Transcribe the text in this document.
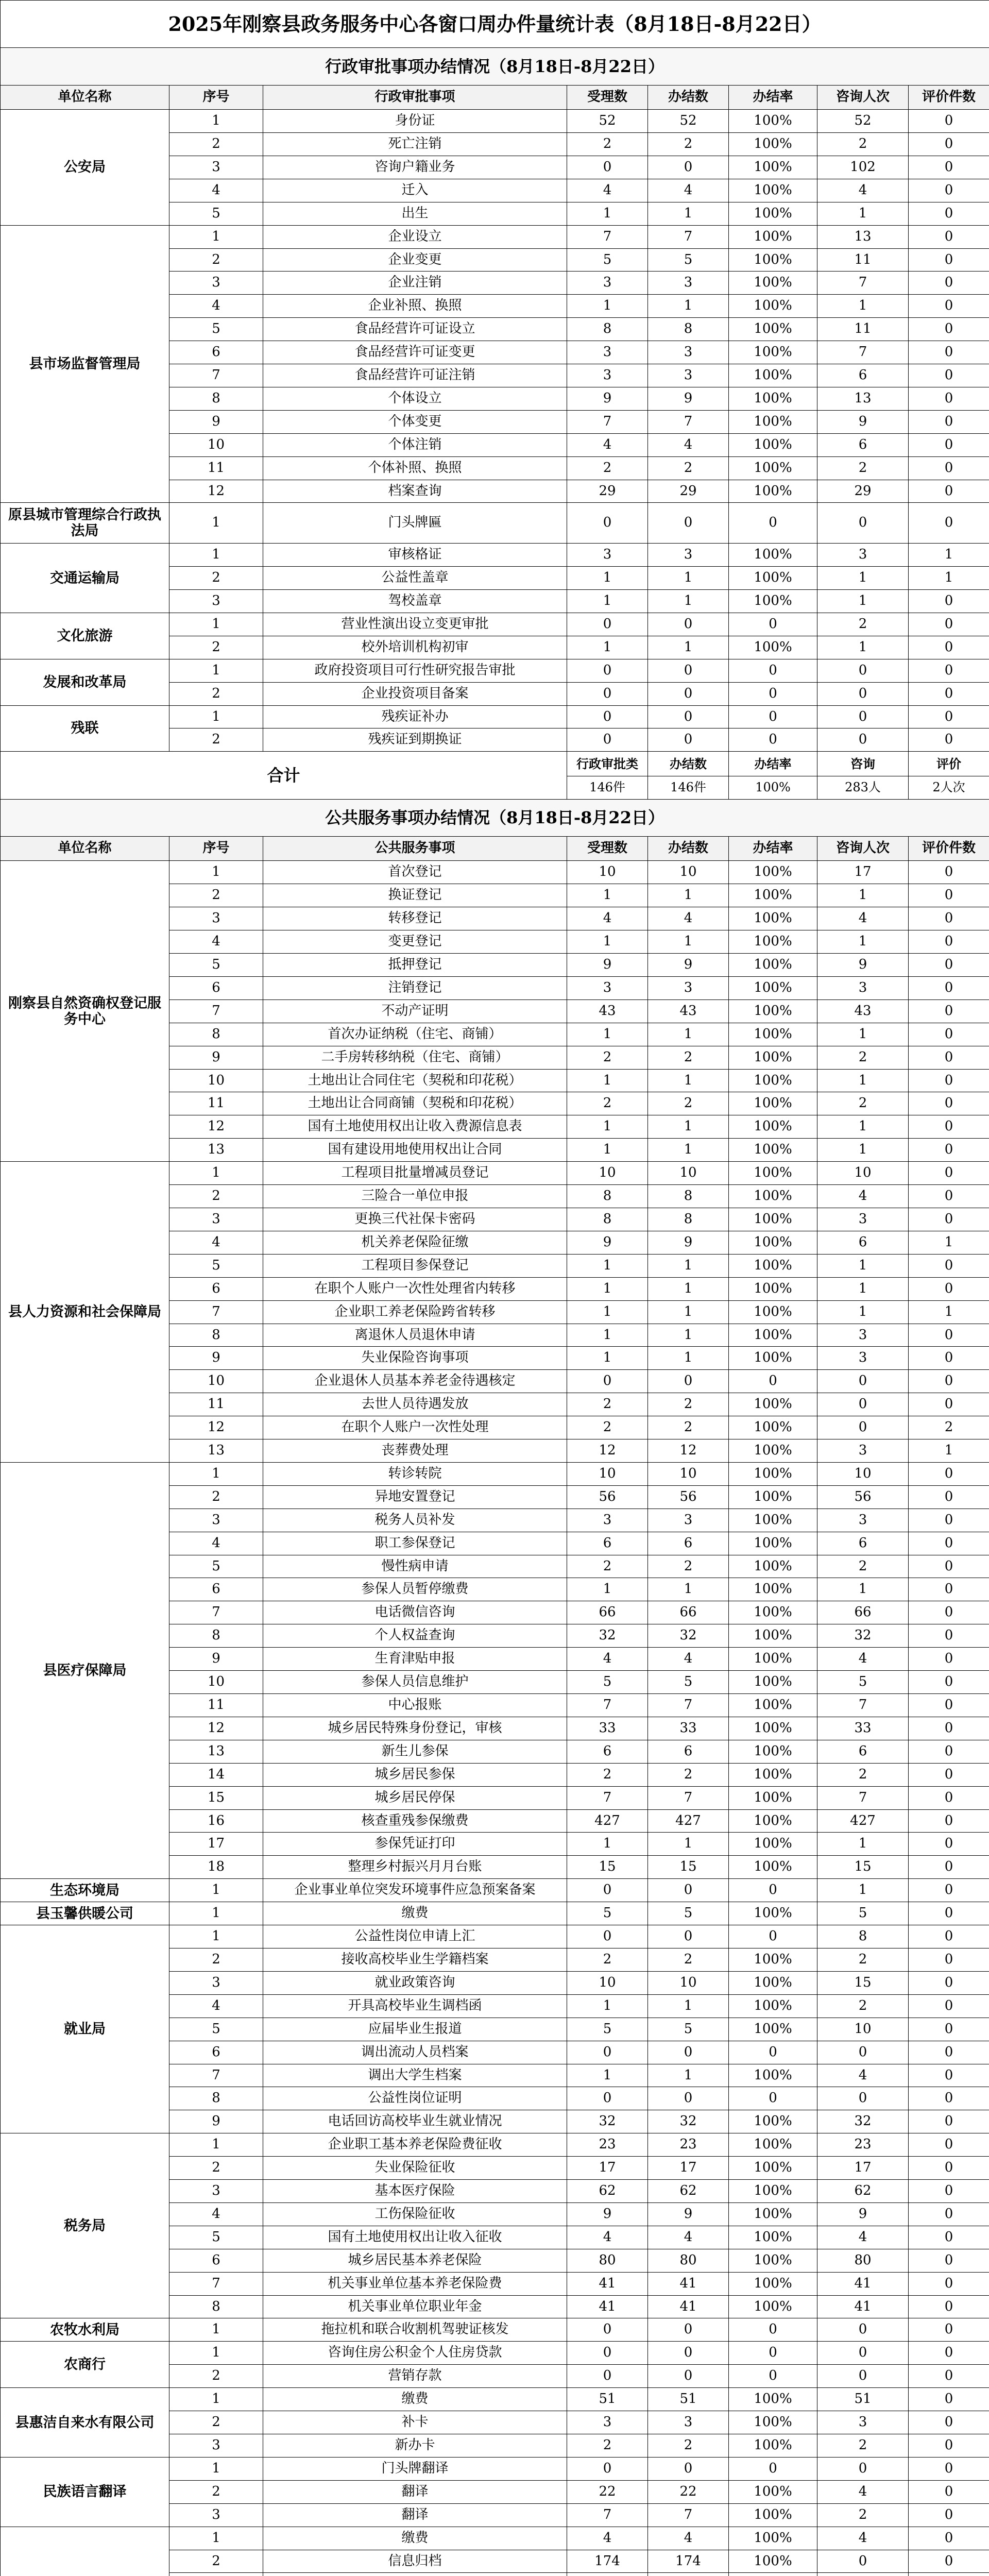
2025年刚察县政务服务中心各窗口周办件量统计表（8月18日-8月22日）							
行政审批事项办结情况（8月18日-8月22日）							
单位名称	序号	行政审批事项	受理数	办结数	办结率	咨询人次	评价件数
公安局	1	身份证	52	52	100%	52	0
	2	死亡注销	2	2	100%	2	0
	3	咨询户籍业务	0	0	100%	102	0
	4	迁入	4	4	100%	4	0
	5	出生	1	1	100%	1	0
县市场监督管理局	1	企业设立	7	7	100%	13	0
	2	企业变更	5	5	100%	11	0
	3	企业注销	3	3	100%	7	0
	4	企业补照、换照	1	1	100%	1	0
	5	食品经营许可证设立	8	8	100%	11	0
	6	食品经营许可证变更	3	3	100%	7	0
	7	食品经营许可证注销	3	3	100%	6	0
	8	个体设立	9	9	100%	13	0
	9	个体变更	7	7	100%	9	0
	10	个体注销	4	4	100%	6	0
	11	个体补照、换照	2	2	100%	2	0
	12	档案查询	29	29	100%	29	0
原县城市管理综合行政执法局	1	门头牌匾	0	0	0	0	0
交通运输局	1	审核格证	3	3	100%	3	1
	2	公益性盖章	1	1	100%	1	1
	3	驾校盖章	1	1	100%	1	0
文化旅游	1	营业性演出设立变更审批	0	0	0	2	0
	2	校外培训机构初审	1	1	100%	1	0
发展和改革局	1	政府投资项目可行性研究报告审批	0	0	0	0	0
	2	企业投资项目备案	0	0	0	0	0
残联	1	残疾证补办	0	0	0	0	0
	2	残疾证到期换证	0	0	0	0	0
合计			行政审批类	办结数	办结率	咨询	评价
			146件	146件	100%	283人	2人次
公共服务事项办结情况（8月18日-8月22日）							
单位名称	序号	公共服务事项	受理数	办结数	办结率	咨询人次	评价件数
刚察县自然资确权登记服务中心	1	首次登记	10	10	100%	17	0
	2	换证登记	1	1	100%	1	0
	3	转移登记	4	4	100%	4	0
	4	变更登记	1	1	100%	1	0
	5	抵押登记	9	9	100%	9	0
	6	注销登记	3	3	100%	3	0
	7	不动产证明	43	43	100%	43	0
	8	首次办证纳税（住宅、商铺）	1	1	100%	1	0
	9	二手房转移纳税（住宅、商铺）	2	2	100%	2	0
	10	土地出让合同住宅（契税和印花税）	1	1	100%	1	0
	11	土地出让合同商铺（契税和印花税）	2	2	100%	2	0
	12	国有土地使用权出让收入费源信息表	1	1	100%	1	0
	13	国有建设用地使用权出让合同	1	1	100%	1	0
县人力资源和社会保障局	1	工程项目批量增减员登记	10	10	100%	10	0
	2	三险合一单位申报	8	8	100%	4	0
	3	更换三代社保卡密码	8	8	100%	3	0
	4	机关养老保险征缴	9	9	100%	6	1
	5	工程项目参保登记	1	1	100%	1	0
	6	在职个人账户一次性处理省内转移	1	1	100%	1	0
	7	企业职工养老保险跨省转移	1	1	100%	1	1
	8	离退休人员退休申请	1	1	100%	3	0
	9	失业保险咨询事项	1	1	100%	3	0
	10	企业退休人员基本养老金待遇核定	0	0	0	0	0
	11	去世人员待遇发放	2	2	100%	0	0
	12	在职个人账户一次性处理	2	2	100%	0	2
	13	丧葬费处理	12	12	100%	3	1
县医疗保障局	1	转诊转院	10	10	100%	10	0
	2	异地安置登记	56	56	100%	56	0
	3	税务人员补发	3	3	100%	3	0
	4	职工参保登记	6	6	100%	6	0
	5	慢性病申请	2	2	100%	2	0
	6	参保人员暂停缴费	1	1	100%	1	0
	7	电话微信咨询	66	66	100%	66	0
	8	个人权益查询	32	32	100%	32	0
	9	生育津贴申报	4	4	100%	4	0
	10	参保人员信息维护	5	5	100%	5	0
	11	中心报账	7	7	100%	7	0
	12	城乡居民特殊身份登记，审核	33	33	100%	33	0
	13	新生儿参保	6	6	100%	6	0
	14	城乡居民参保	2	2	100%	2	0
	15	城乡居民停保	7	7	100%	7	0
	16	核查重残参保缴费	427	427	100%	427	0
	17	参保凭证打印	1	1	100%	1	0
	18	整理乡村振兴月月台账	15	15	100%	15	0
生态环境局	1	企业事业单位突发环境事件应急预案备案	0	0	0	1	0
县玉馨供暖公司	1	缴费	5	5	100%	5	0
就业局	1	公益性岗位申请上汇	0	0	0	8	0
	2	接收高校毕业生学籍档案	2	2	100%	2	0
	3	就业政策咨询	10	10	100%	15	0
	4	开具高校毕业生调档函	1	1	100%	2	0
	5	应届毕业生报道	5	5	100%	10	0
	6	调出流动人员档案	0	0	0	0	0
	7	调出大学生档案	1	1	100%	4	0
	8	公益性岗位证明	0	0	0	0	0
	9	电话回访高校毕业生就业情况	32	32	100%	32	0
税务局	1	企业职工基本养老保险费征收	23	23	100%	23	0
	2	失业保险征收	17	17	100%	17	0
	3	基本医疗保险	62	62	100%	62	0
	4	工伤保险征收	9	9	100%	9	0
	5	国有土地使用权出让收入征收	4	4	100%	4	0
	6	城乡居民基本养老保险	80	80	100%	80	0
	7	机关事业单位基本养老保险费	41	41	100%	41	0
	8	机关事业单位职业年金	41	41	100%	41	0
农牧水利局	1	拖拉机和联合收割机驾驶证核发	0	0	0	0	0
农商行	1	咨询住房公积金个人住房贷款	0	0	0	0	0
	2	营销存款	0	0	0	0	0
县惠洁自来水有限公司	1	缴费	51	51	100%	51	0
	2	补卡	3	3	100%	3	0
	3	新办卡	2	2	100%	2	0
民族语言翻译	1	门头牌翻译	0	0	0	0	0
	2	翻译	22	22	100%	4	0
	3	翻译	7	7	100%	2	0
	1	缴费	4	4	100%	4	0
	2	信息归档	174	174	100%	0	0
